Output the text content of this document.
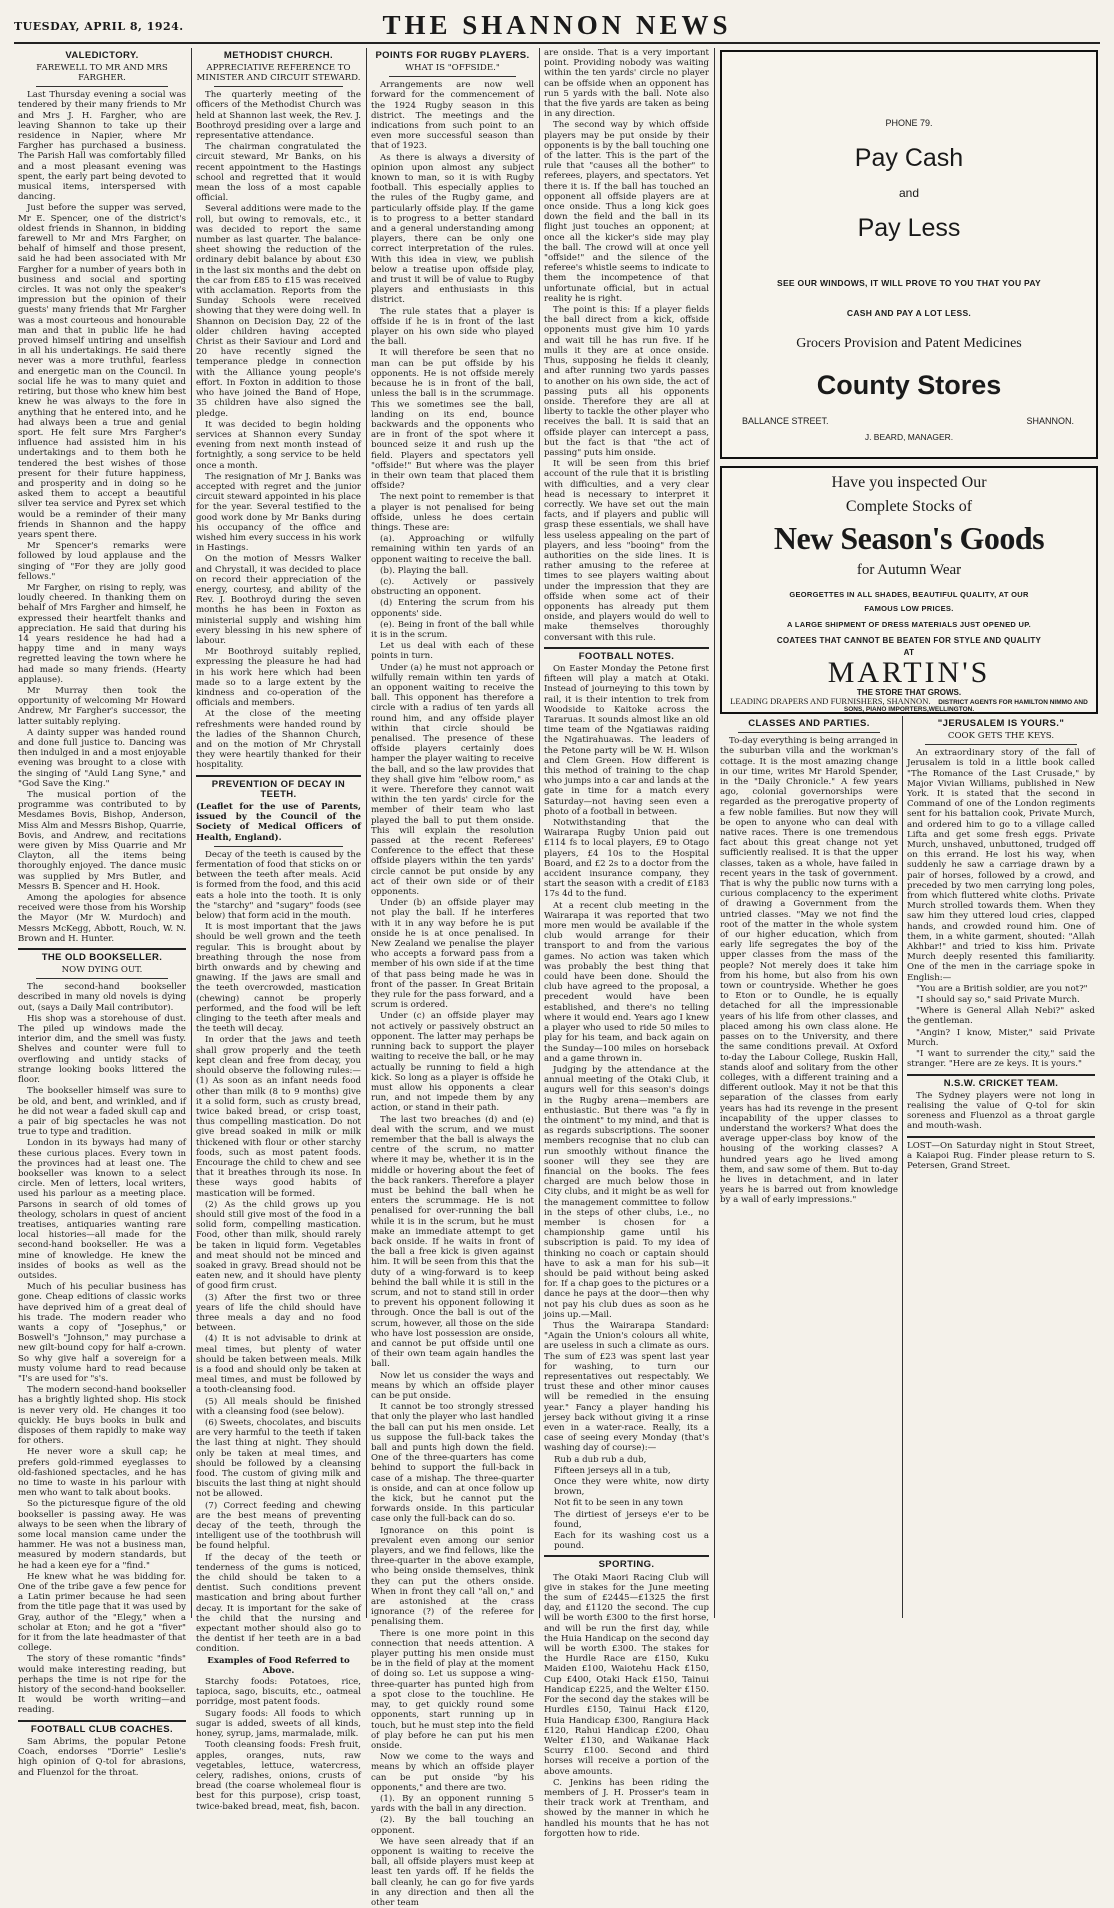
TUESDAY, APRIL 8, 1924.	THE SHANNON NEWS
VALEDICTORY.
FAREWELL TO MR AND MRS FARGHER.

Last Thursday evening a social was tendered by their many friends to Mr and Mrs J. H. Fargher, who are leaving Shannon to take up their residence in Napier, where Mr Fargher has purchased a business. The Parish Hall was comfortably filled and a most pleasant evening was spent, the early part being devoted to musical items, interspersed with dancing.

Just before the supper was served, Mr E. Spencer, one of the district's oldest friends in Shannon, in bidding farewell to Mr and Mrs Fargher, on behalf of himself and those present, said he had been associated with Mr Fargher for a number of years both in business and social and sporting circles. It was not only the speaker's impression but the opinion of their guests' many friends that Mr Fargher was a most courteous and honourable man and that in public life he had proved himself untiring and unselfish in all his undertakings. He said there never was a more truthful, fearless and energetic man on the Council. In social life he was to many quiet and retiring, but those who knew him best knew he was always to the fore in anything that he entered into, and he had always been a true and genial sport. He felt sure Mrs Fargher's influence had assisted him in his undertakings and to them both he tendered the best wishes of those present for their future happiness, and prosperity and in doing so he asked them to accept a beautiful silver tea service and Pyrex set which would be a reminder of their many friends in Shannon and the happy years spent there.

Mr Spencer's remarks were followed by loud applause and the singing of "For they are jolly good fellows."

Mr Fargher, on rising to reply, was loudly cheered. In thanking them on behalf of Mrs Fargher and himself, he expressed their heartfelt thanks and appreciation. He said that during his 14 years residence he had had a happy time and in many ways regretted leaving the town where he had made so many friends. (Hearty applause).

Mr Murray then took the opportunity of welcoming Mr Howard Andrew, Mr Fargher's successor, the latter suitably replying.

A dainty supper was handed round and done full justice to. Dancing was then indulged in and a most enjoyable evening was brought to a close with the singing of "Auld Lang Syne," and "God Save the King."

The musical portion of the programme was contributed to by Mesdames Bovis, Bishop, Anderson, Miss Alm and Messrs Bishop, Quarrie, Bovis, and Andrew, and recitations were given by Miss Quarrie and Mr Clayton, all the items being thoroughly enjoyed. The dance music was supplied by Mrs Butler, and Messrs B. Spencer and H. Hook.

Among the apologies for absence received were those from his Worship the Mayor (Mr W. Murdoch) and Messrs McKegg, Abbott, Rouch, W. N. Brown and H. Hunter.

THE OLD BOOKSELLER.
NOW DYING OUT.

The second-hand bookseller described in many old novels is dying out, (says a Daily Mail contributor).

His shop was a storehouse of dust. The piled up windows made the interior dim, and the smell was fusty. Shelves and counter were full to overflowing and untidy stacks of strange looking books littered the floor.

The bookseller himself was sure to be old, and bent, and wrinkled, and if he did not wear a faded skull cap and a pair of big spectacles he was not true to type and tradition.

London in its byways had many of these curious places. Every town in the provinces had at least one. The bookseller was known to a select circle. Men of letters, local writers, used his parlour as a meeting place. Parsons in search of old tomes of theology, scholars in quest of ancient treatises, antiquaries wanting rare local histories—all made for the second-hand bookseller. He was a mine of knowledge. He knew the insides of books as well as the outsides.

Much of his peculiar business has gone. Cheap editions of classic works have deprived him of a great deal of his trade. The modern reader who wants a copy of "Josephus," or Boswell's "Johnson," may purchase a new gilt-bound copy for half a-crown. So why give half a sovereign for a musty volume hard to read because "I's are used for "s's.

The modern second-hand bookseller has a brightly lighted shop. His stock is never very old. He changes it too quickly. He buys books in bulk and disposes of them rapidly to make way for others.

He never wore a skull cap; he prefers gold-rimmed eyeglasses to old-fashioned spectacles, and he has no time to waste in his parlour with men who want to talk about books.

So the picturesque figure of the old bookseller is passing away. He was always to be seen when the library of some local mansion came under the hammer. He was not a business man, measured by modern standards, but he had a keen eye for a "find."

He knew what he was bidding for. One of the tribe gave a few pence for a Latin primer because he had seen from the title page that it was used by Gray, author of the "Elegy," when a scholar at Eton; and he got a "fiver" for it from the late headmaster of that college.

The story of these romantic "finds" would make interesting reading, but perhaps the time is not ripe for the history of the second-hand bookseller. It would be worth writing—and reading.

FOOTBALL CLUB COACHES.

Sam Abrims, the popular Petone Coach, endorses "Dorrie" Leslie's high opinion of Q-tol for abrasions, and Fluenzol for the throat.

METHODIST CHURCH.
APPRECIATIVE REFERENCE TO MINISTER AND CIRCUIT STEWARD.

The quarterly meeting of the officers of the Methodist Church was held at Shannon last week, the Rev. J. Boothroyd presiding over a large and representative attendance.

The chairman congratulated the circuit steward, Mr Banks, on his recent appointment to the Hastings school and regretted that it would mean the loss of a most capable official.

Several additions were made to the roll, but owing to removals, etc., it was decided to report the same number as last quarter. The balance-sheet showing the reduction of the ordinary debit balance by about £30 in the last six months and the debt on the car from £85 to £15 was received with acclamation. Reports from the Sunday Schools were received showing that they were doing well. In Shannon on Decision Day, 22 of the older children having accepted Christ as their Saviour and Lord and 20 have recently signed the temperance pledge in connection with the Alliance young people's effort. In Foxton in addition to those who have joined the Band of Hope, 35 children have also signed the pledge.

It was decided to begin holding services at Shannon every Sunday evening from next month instead of fortnightly, a song service to be held once a month.

The resignation of Mr J. Banks was accepted with regret and the junior circuit steward appointed in his place for the year. Several testified to the good work done by Mr Banks during his occupancy of the office and wished him every success in his work in Hastings.

On the motion of Messrs Walker and Chrystall, it was decided to place on record their appreciation of the energy, courtesy, and ability of the Rev. J. Boothroyd during the seven months he has been in Foxton as ministerial supply and wishing him every blessing in his new sphere of labour.

Mr Boothroyd suitably replied, expressing the pleasure he had had in his work here which had been made so to a large extent by the kindness and co-operation of the officials and members.

At the close of the meeting refreshments were handed round by the ladies of the Shannon Church, and on the motion of Mr Chrystall they were heartily thanked for their hospitality.

PREVENTION OF DECAY IN TEETH.

(Leaflet for the use of Parents, issued by the Council of the Society of Medical Officers of Health, England).

Decay of the teeth is caused by the fermentation of food that sticks on or between the teeth after meals. Acid is formed from the food, and this acid eats a hole into the tooth. It is only the "starchy" and "sugary" foods (see below) that form acid in the mouth.

It is most important that the jaws should be well grown and the teeth regular. This is brought about by breathing through the nose from birth onwards and by chewing and gnawing. If the jaws are small and the teeth overcrowded, mastication (chewing) cannot be properly performed, and the food will be left clinging to the teeth after meals and the teeth will decay.

In order that the jaws and teeth shall grow properly and the teeth kept clean and free from decay, you should observe the following rules:—(1) As soon as an infant needs food other than milk (8 to 9 months) give it a solid form, such as crusty bread, twice baked bread, or crisp toast, thus compelling mastication. Do not give bread soaked in milk or milk thickened with flour or other starchy foods, such as most patent foods. Encourage the child to chew and see that it breathes through its nose. In these ways good habits of mastication will be formed.

(2) As the child grows up you should still give most of the food in a solid form, compelling mastication. Food, other than milk, should rarely be taken in liquid form. Vegetables and meat should not be minced and soaked in gravy. Bread should not be eaten new, and it should have plenty of good firm crust.

(3) After the first two or three years of life the child should have three meals a day and no food between.

(4) It is not advisable to drink at meal times, but plenty of water should be taken between meals. Milk is a food and should only be taken at meal times, and must be followed by a tooth-cleansing food.

(5) All meals should be finished with a cleansing food (see below).

(6) Sweets, chocolates, and biscuits are very harmful to the teeth if taken the last thing at night. They should only be taken at meal times, and should be followed by a cleansing food. The custom of giving milk and biscuits the last thing at night should not be allowed.

(7) Correct feeding and chewing are the best means of preventing decay of the teeth, through the intelligent use of the toothbrush will be found helpful.

If the decay of the teeth or tenderness of the gums is noticed, the child should be taken to a dentist. Such conditions prevent mastication and bring about further decay. It is important for the sake of the child that the nursing and expectant mother should also go to the dentist if her teeth are in a bad condition.

Examples of Food Referred to Above.

Starchy foods: Potatoes, rice, tapioca, sago, biscuits, etc., oatmeal porridge, most patent foods.

Sugary foods: All foods to which sugar is added, sweets of all kinds, honey, syrup, jams, marmalade, milk.

Tooth cleansing foods: Fresh fruit, apples, oranges, nuts, raw vegetables, lettuce, watercress, celery, radishes, onions, crusts of bread (the coarse wholemeal flour is best for this purpose), crisp toast, twice-baked bread, meat, fish, bacon.

POINTS FOR RUGBY PLAYERS.
WHAT IS "OFFSIDE."

Arrangements are now well forward for the commencement of the 1924 Rugby season in this district. The meetings and the indications from such point to an even more successful season than that of 1923.

As there is always a diversity of opinion upon almost any subject known to man, so it is with Rugby football. This especially applies to the rules of the Rugby game, and particularly offside play. If the game is to progress to a better standard and a general understanding among players, there can be only one correct interpretation of the rules. With this idea in view, we publish below a treatise upon offside play, and trust it will be of value to Rugby players and enthusiasts in this district.

The rule states that a player is offside if he is in front of the last player on his own side who played the ball.

It will therefore be seen that no man can be put offside by his opponents. He is not offside merely because he is in front of the ball, unless the ball is in the scrummage. This we sometimes see the ball, landing on its end, bounce backwards and the opponents who are in front of the spot where it bounced seize it and rush up the field. Players and spectators yell "offside!" But where was the player in their own team that placed them offside?

The next point to remember is that a player is not penalised for being offside, unless he does certain things. These are:

(a). Approaching or wilfully remaining within ten yards of an opponent waiting to receive the ball.

(b). Playing the ball.

(c). Actively or passively obstructing an opponent.

(d) Entering the scrum from his opponents' side.

(e). Being in front of the ball while it is in the scrum.

Let us deal with each of these points in turn.

Under (a) he must not approach or wilfully remain within ten yards of an opponent waiting to receive the ball. This opponent has therefore a circle with a radius of ten yards all round him, and any offside player within that circle should be penalised. The presence of these offside players certainly does hamper the player waiting to receive the ball, and so the law provides that they shall give him "elbow room," as it were. Therefore they cannot wait within the ten yards' circle for the member of their team who last played the ball to put them onside. This will explain the resolution passed at the recent Referees' Conference to the effect that these offside players within the ten yards' circle cannot be put onside by any act of their own side or of their opponents.

Under (b) an offside player may not play the ball. If he interferes with it in any way before he is put onside he is at once penalised. In New Zealand we penalise the player who accepts a forward pass from a member of his own side if at the time of that pass being made he was in front of the passer. In Great Britain they rule for the pass forward, and a scrum is ordered.

Under (c) an offside player may not actively or passively obstruct an opponent. The latter may perhaps be running back to support the player waiting to receive the ball, or he may actually be running to field a high kick. So long as a player is offside he must allow his opponents a clear run, and not impede them by any action, or stand in their path.

The last two breaches (d) and (e) deal with the scrum, and we must remember that the ball is always the centre of the scrum, no matter where it may be, whether it is in the middle or hovering about the feet of the back rankers. Therefore a player must be behind the ball when he enters the scrummage. He is not penalised for over-running the ball while it is in the scrum, but he must make an immediate attempt to get back onside. If he waits in front of the ball a free kick is given against him. It will be seen from this that the duty of a wing-forward is to keep behind the ball while it is still in the scrum, and not to stand still in order to prevent his opponent following it through. Once the ball is out of the scrum, however, all those on the side who have lost possession are onside, and cannot be put offside until one of their own team again handles the ball.

Now let us consider the ways and means by which an offside player can be put onside.

It cannot be too strongly stressed that only the player who last handled the ball can put his men onside. Let us suppose the full-back takes the ball and punts high down the field. One of the three-quarters has come behind to support the full-back in case of a mishap. The three-quarter is onside, and can at once follow up the kick, but he cannot put the forwards onside. In this particular case only the full-back can do so.

Ignorance on this point is prevalent even among our senior players, and we find fellows, like the three-quarter in the above example, who being onside themselves, think they can put the others onside. When in front they call "all on," and are astonished at the crass ignorance (?) of the referee for penalising them.

There is one more point in this connection that needs attention. A player putting his men onside must be in the field of play at the moment of doing so. Let us suppose a wing-three-quarter has punted high from a spot close to the touchline. He may, to get quickly round some opponents, start running up in touch, but he must step into the field of play before he can put his men onside.

Now we come to the ways and means by which an offside player can be put onside "by his opponents," and there are two.

(1). By an opponent running 5 yards with the ball in any direction.

(2). By the ball touching an opponent.

We have seen already that if an opponent is waiting to receive the ball, all offside players must keep at least ten yards off. If he fields the ball cleanly, he can go for five yards in any direction and then all the other team

are onside. That is a very important point. Providing nobody was waiting within the ten yards' circle no player can be offside when an opponent has run 5 yards with the ball. Note also that the five yards are taken as being in any direction.

The second way by which offside players may be put onside by their opponents is by the ball touching one of the latter. This is the part of the rule that "causes all the bother" to referees, players, and spectators. Yet there it is. If the ball has touched an opponent all offside players are at once onside. Thus a long kick goes down the field and the ball in its flight just touches an opponent; at once all the kicker's side may play the ball. The crowd will at once yell "offside!" and the silence of the referee's whistle seems to indicate to them the incompetence of that unfortunate official, but in actual reality he is right.

The point is this: If a player fields the ball direct from a kick, offside opponents must give him 10 yards and wait till he has run five. If he mulls it they are at once onside. Thus, supposing he fields it cleanly, and after running two yards passes to another on his own side, the act of passing puts all his opponents onside. Therefore they are all at liberty to tackle the other player who receives the ball. It is said that an offside player can intercept a pass, but the fact is that "the act of passing" puts him onside.

It will be seen from this brief account of the rule that it is bristling with difficulties, and a very clear head is necessary to interpret it correctly. We have set out the main facts, and if players and public will grasp these essentials, we shall have less useless appealing on the part of players, and less "booing" from the authorities on the side lines. It is rather amusing to the referee at times to see players waiting about under the impression that they are offside when some act of their opponents has already put them onside, and players would do well to make themselves thoroughly conversant with this rule.

FOOTBALL NOTES.

On Easter Monday the Petone first fifteen will play a match at Otaki. Instead of journeying to this town by rail, it is their intention to trek from Woodside to Kaitoke across the Tararuas. It sounds almost like an old time team of the Ngatiawas raiding the Ngatirahuawas. The leaders of the Petone party will be W. H. Wilson and Clem Green. How different is this method of training to the chap who jumps into a car and lands at the gate in time for a match every Saturday—not having seen even a photo of a football in between.

Notwithstanding that the Wairarapa Rugby Union paid out £114 fs to local players, £9 to Otago players, £4 10s to the Hospital Board, and £2 2s to a doctor from the accident insurance company, they start the season with a credit of £183 17s 4d to the fund.

At a recent club meeting in the Wairarapa it was reported that two more men would be available if the club would arrange for their transport to and from the various games. No action was taken which was probably the best thing that could have been done. Should the club have agreed to the proposal, a precedent would have been established, and there's no telling where it would end. Years ago I knew a player who used to ride 50 miles to play for his team, and back again on the Sunday—100 miles on horseback and a game thrown in.

Judging by the attendance at the annual meeting of the Otaki Club, it augurs well for this season's doings in the Rugby arena—members are enthusiastic. But there was "a fly in the ointment" to my mind, and that is as regards subscriptions. The sooner members recognise that no club can run smoothly without finance the sooner will they see they are financial on the books. The fees charged are much below those in City clubs, and it might be as well for the management committee to follow in the steps of other clubs, i.e., no member is chosen for a championship game until his subscription is paid. To my idea of thinking no coach or captain should have to ask a man for his sub—it should be paid without being asked for. If a chap goes to the pictures or a dance he pays at the door—then why not pay his club dues as soon as he joins up.—Mail.

Thus the Wairarapa Standard: "Again the Union's colours all white, are useless in such a climate as ours. The sum of £23 was spent last year for washing, to turn our representatives out respectably. We trust these and other minor causes will be remedied in the ensuing year." Fancy a player handing his jersey back without giving it a rinse even in a water-race. Really, its a case of seeing every Monday (that's washing day of course):—

Rub a dub rub a dub,

Fifteen jerseys all in a tub,

Once they were white, now dirty brown,

Not fit to be seen in any town

The dirtiest of jerseys e'er to be found,

Each for its washing cost us a pound.

SPORTING.

The Otaki Maori Racing Club will give in stakes for the June meeting the sum of £2445—£1325 the first day, and £1120 the second. The cup will be worth £300 to the first horse, and will be run the first day, while the Huia Handicap on the second day will be worth £300. The stakes for the Hurdle Race are £150, Kuku Maiden £100, Waiotehu Hack £150, Cup £400, Otaki Hack £150, Tainui Handicap £225, and the Welter £150. For the second day the stakes will be Hurdles £150, Tainui Hack £120, Huia Handicap £300, Rangiura Hack £120, Rahui Handicap £200, Ohau Welter £130, and Waikanae Hack Scurry £100. Second and third horses will receive a portion of the above amounts.

C. Jenkins has been riding the members of J. H. Prosser's team in their track work at Trentham, and showed by the manner in which he handled his mounts that he has not forgotten how to ride.

PHONE 79.
Pay Cash
and
Pay Less
SEE OUR WINDOWS, IT WILL PROVE TO YOU THAT YOU PAY
CASH AND PAY A LOT LESS.
Grocers Provision and Patent Medicines
County Stores
BALLANCE STREET.	SHANNON.
J. BEARD, MANAGER.
Have you inspected Our
Complete Stocks of
New Season's Goods
for Autumn Wear
GEORGETTES IN ALL SHADES, BEAUTIFUL QUALITY, AT OUR
FAMOUS LOW PRICES.
A LARGE SHIPMENT OF DRESS MATERIALS JUST OPENED UP.
COATEES THAT CANNOT BE BEATEN FOR STYLE AND QUALITY
AT
MARTIN'S
THE STORE THAT GROWS.
LEADING DRAPERS AND FURNISHERS, SHANNON. DISTRICT AGENTS FOR HAMILTON NIMMO AND SONS, PIANO IMPORTERS,WELLINGTON.
CLASSES AND PARTIES.

To-day everything is being arranged in the suburban villa and the workman's cottage. It is the most amazing change in our time, writes Mr Harold Spender, in the "Daily Chronicle." A few years ago, colonial governorships were regarded as the prerogative property of a few noble families. But now they will be open to anyone who can deal with native races. There is one tremendous fact about this great change not yet sufficiently realised. It is that the upper classes, taken as a whole, have failed in recent years in the task of government. That is why the public now turns with a curious complacency to the experiment of drawing a Government from the untried classes. "May we not find the root of the matter in the whole system of our higher education, which from early life segregates the boy of the upper classes from the mass of the people? Not merely does it take him from his home, but also from his own town or countryside. Whether he goes to Eton or to Oundle, he is equally detached for all the impressionable years of his life from other classes, and placed among his own class alone. He passes on to the University, and there the same conditions prevail. At Oxford to-day the Labour College, Ruskin Hall, stands aloof and solitary from the other colleges, with a different training and a different outlook. May it not be that this separation of the classes from early years has had its revenge in the present incapability of the upper classes to understand the workers? What does the average upper-class boy know of the housing of the working classes? A hundred years ago he lived among them, and saw some of them. But to-day he lives in detachment, and in later years he is barred out from knowledge by a wall of early impressions."

"JERUSALEM IS YOURS."
COOK GETS THE KEYS.

An extraordinary story of the fall of Jerusalem is told in a little book called "The Romance of the Last Crusade," by Major Vivian Williams, published in New York. It is stated that the second in Command of one of the London regiments sent for his battalion cook, Private Murch, and ordered him to go to a village called Lifta and get some fresh eggs. Private Murch, unshaved, unbuttoned, trudged off on this errand. He lost his way, when suddenly he saw a carriage drawn by a pair of horses, followed by a crowd, and preceded by two men carrying long poles, from which fluttered white cloths. Private Murch strolled towards them. When they saw him they uttered loud cries, clapped hands, and crowded round him. One of them, in a white garment, shouted: "Allah Akhbar!" and tried to kiss him. Private Murch deeply resented this familiarity. One of the men in the carriage spoke in English:—

"You are a British soldier, are you not?"

"I should say so," said Private Murch.

"Where is General Allah Nebi?" asked the gentleman.

"Angin? I know, Mister," said Private Murch.

"I want to surrender the city," said the stranger. "Here are ze keys. It is yours."

N.S.W. CRICKET TEAM.

The Sydney players were not long in realising the value of Q-tol for skin soreness and Fluenzol as a throat gargle and mouth-wash.

LOST—On Saturday night in Stout Street, a Kaiapoi Rug. Finder please return to S. Petersen, Grand Street.
